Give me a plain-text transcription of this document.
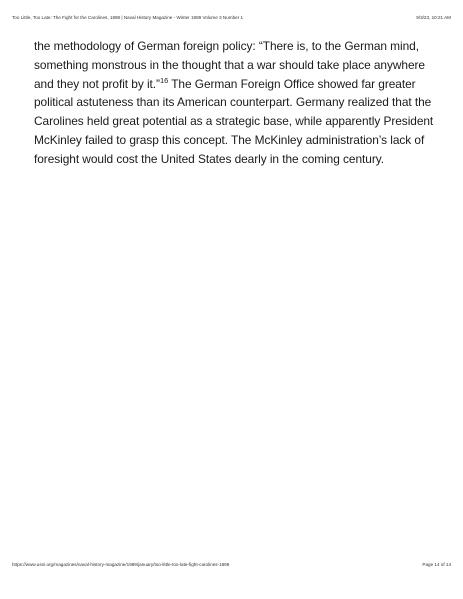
Too Little, Too Late: The Fight for the Carolines, 1898 | Naval History Magazine - Winter 1989 Volume 3 Number 1	9/3/23, 10:21 AM

the methodology of German foreign policy: “There is, to the German mind, something monstrous in the thought that a war should take place anywhere and they not profit by it.”$^{16}$ The German Foreign Office showed far greater political astuteness than its American counterpart. Germany realized that the Carolines held great potential as a strategic base, while apparently President McKinley failed to grasp this concept. The McKinley administration’s lack of foresight would cost the United States dearly in the coming century.

https://www.usni.org/magazines/naval-history-magazine/1989/january/too-little-too-late-fight-carolines-1898	Page 14 of 14
